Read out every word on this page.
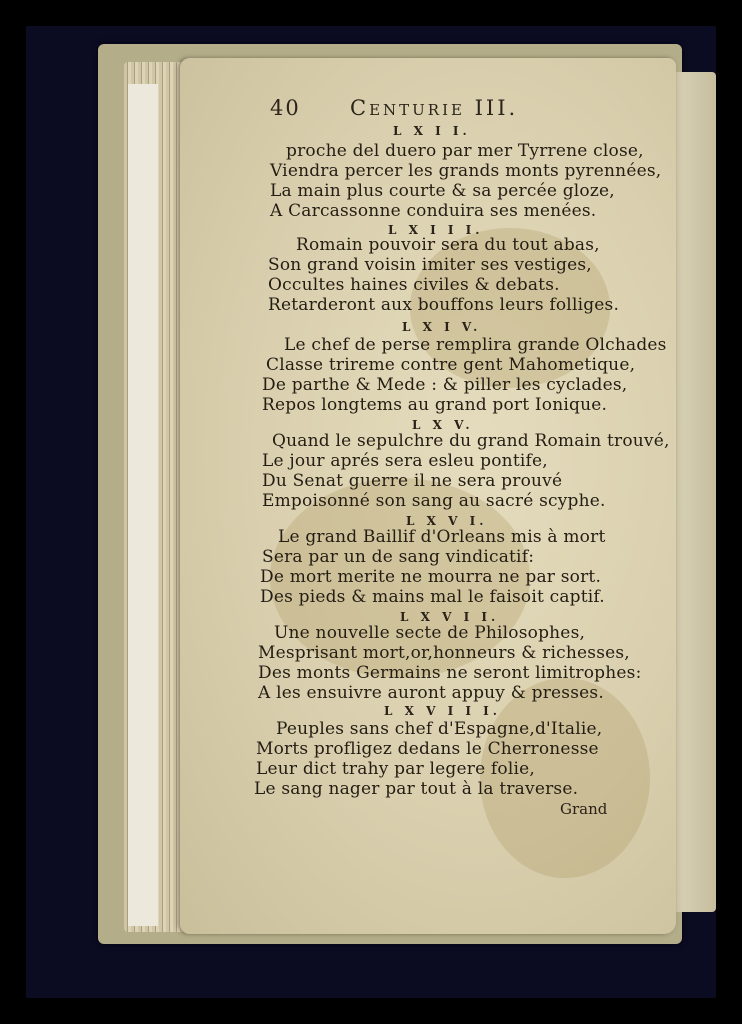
40 Centurie III.
L X I I.
proche del duero par mer Tyrrene close,
Viendra percer les grands monts pyrennées,
La main plus courte & sa percée gloze,
A Carcassonne conduira ses menées.
L X I I I.
Romain pouvoir sera du tout abas,
Son grand voisin imiter ses vestiges,
Occultes haines civiles & debats.
Retarderont aux bouffons leurs folliges.
L X I V.
Le chef de perse remplira grande Olchades
Classe trireme contre gent Mahometique,
De parthe & Mede : & piller les cyclades,
Repos longtems au grand port Ionique.
L X V.
Quand le sepulchre du grand Romain trouvé,
Le jour aprés sera esleu pontife,
Du Senat guerre il ne sera prouvé
Empoisonné son sang au sacré scyphe.
L X V I.
Le grand Baillif d'Orleans mis à mort
Sera par un de sang vindicatif:
De mort merite ne mourra ne par sort.
Des pieds & mains mal le faisoit captif.
L X V I I.
Une nouvelle secte de Philosophes,
Mesprisant mort,or,honneurs & richesses,
Des monts Germains ne seront limitrophes:
A les ensuivre auront appuy & presses.
L X V I I I.
Peuples sans chef d'Espagne,d'Italie,
Morts profligez dedans le Cherronesse
Leur dict trahy par legere folie,
Le sang nager par tout à la traverse.
Grand
